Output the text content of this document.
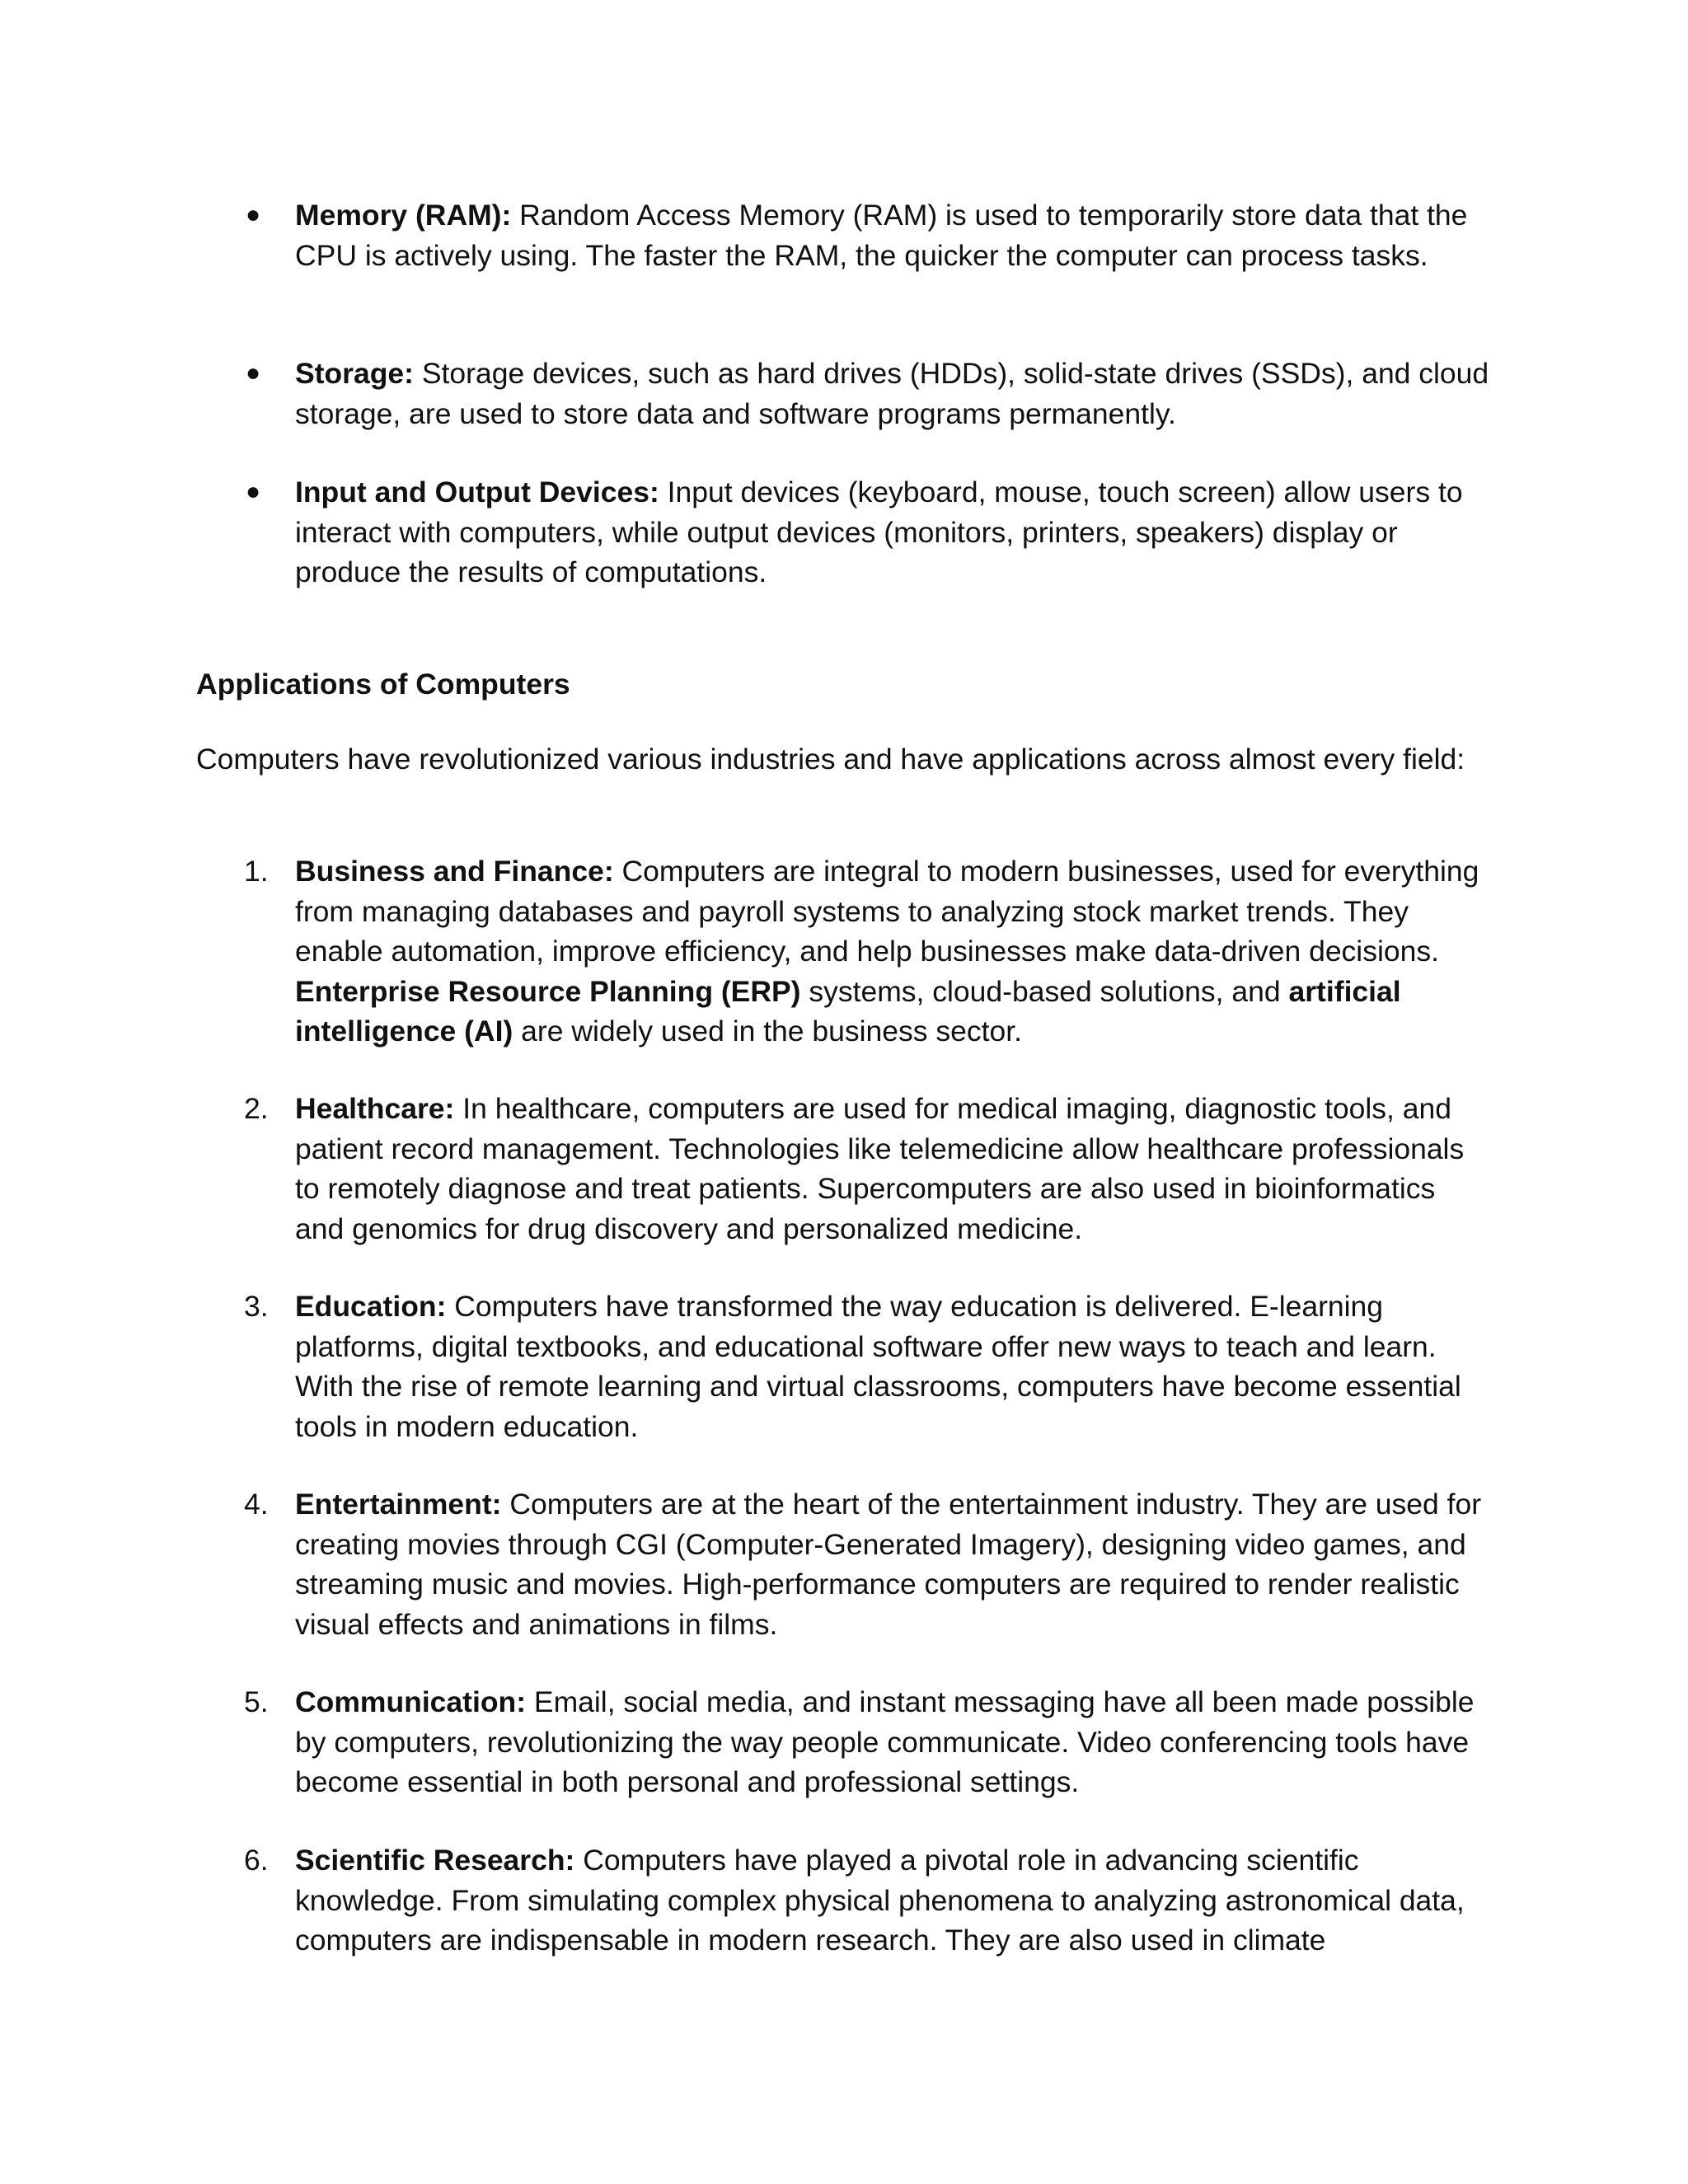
● Memory (RAM): Random Access Memory (RAM) is used to temporarily store data that the CPU is actively using. The faster the RAM, the quicker the computer can process tasks.
● Storage: Storage devices, such as hard drives (HDDs), solid-state drives (SSDs), and cloud storage, are used to store data and software programs permanently.
● Input and Output Devices: Input devices (keyboard, mouse, touch screen) allow users to interact with computers, while output devices (monitors, printers, speakers) display or produce the results of computations.
Applications of Computers
Computers have revolutionized various industries and have applications across almost every field:
1. Business and Finance: Computers are integral to modern businesses, used for everything from managing databases and payroll systems to analyzing stock market trends. They enable automation, improve efficiency, and help businesses make data-driven decisions. Enterprise Resource Planning (ERP) systems, cloud-based solutions, and artificial intelligence (AI) are widely used in the business sector.
2. Healthcare: In healthcare, computers are used for medical imaging, diagnostic tools, and patient record management. Technologies like telemedicine allow healthcare professionals to remotely diagnose and treat patients. Supercomputers are also used in bioinformatics and genomics for drug discovery and personalized medicine.
3. Education: Computers have transformed the way education is delivered. E-learning platforms, digital textbooks, and educational software offer new ways to teach and learn. With the rise of remote learning and virtual classrooms, computers have become essential tools in modern education.
4. Entertainment: Computers are at the heart of the entertainment industry. They are used for creating movies through CGI (Computer-Generated Imagery), designing video games, and streaming music and movies. High-performance computers are required to render realistic visual effects and animations in films.
5. Communication: Email, social media, and instant messaging have all been made possible by computers, revolutionizing the way people communicate. Video conferencing tools have become essential in both personal and professional settings.
6. Scientific Research: Computers have played a pivotal role in advancing scientific knowledge. From simulating complex physical phenomena to analyzing astronomical data, computers are indispensable in modern research. They are also used in climate
